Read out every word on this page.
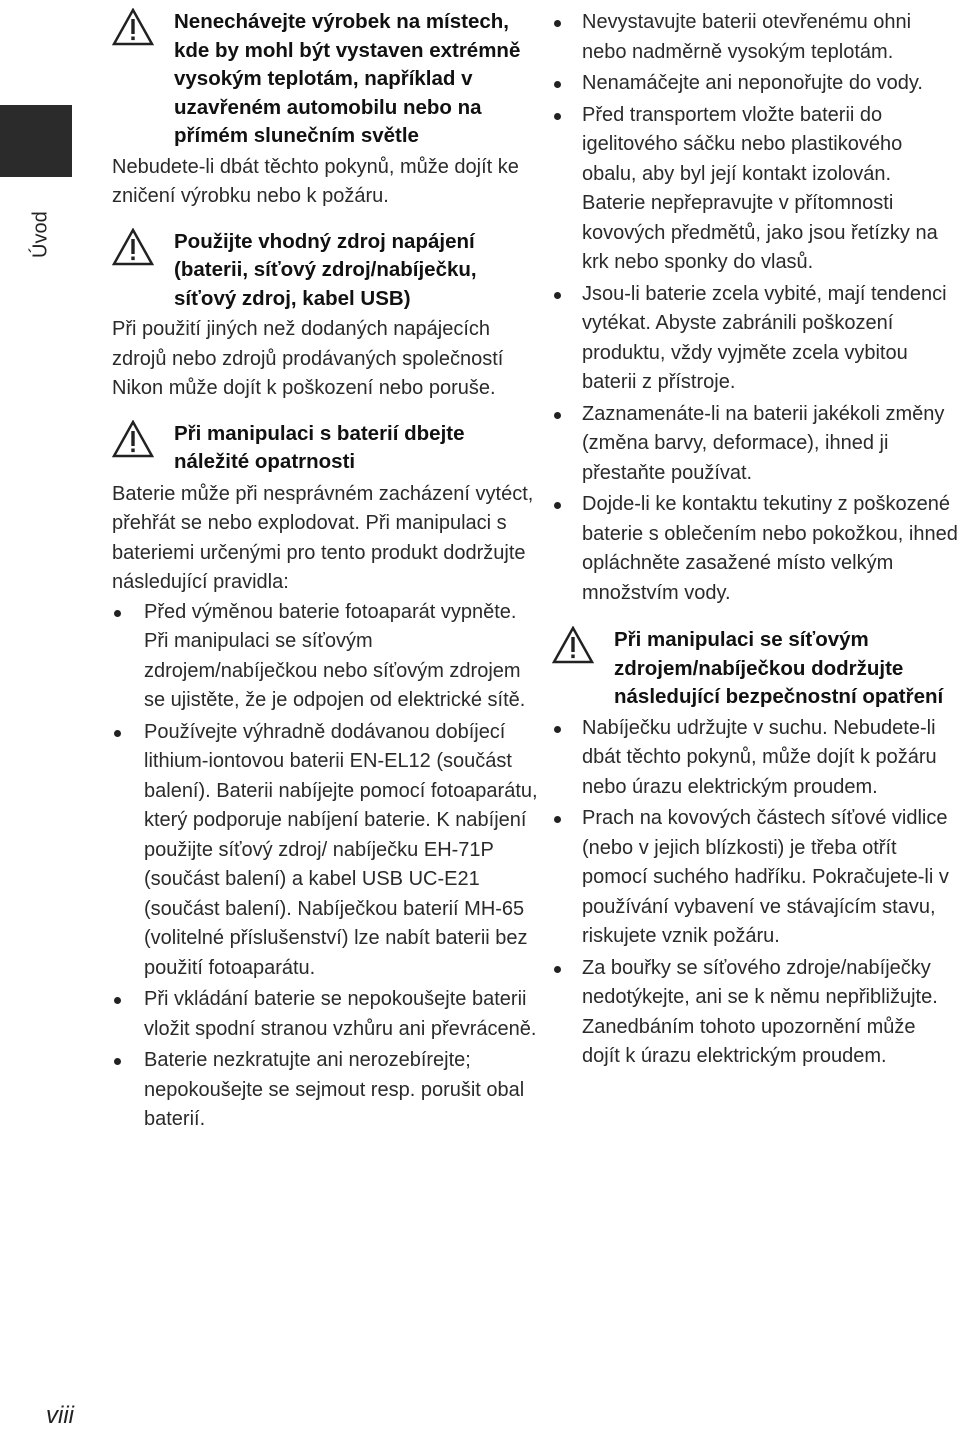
Úvod
Nenechávejte výrobek na místech, kde by mohl být vystaven extrémně vysokým teplotám, například v uzavřeném automobilu nebo na přímém slunečním světle

Nebudete-li dbát těchto pokynů, může dojít ke zničení výrobku nebo k požáru.

Použijte vhodný zdroj napájení (baterii, síťový zdroj/nabíječku, síťový zdroj, kabel USB)

Při použití jiných než dodaných napájecích zdrojů nebo zdrojů prodávaných společností Nikon může dojít k poškození nebo poruše.

Při manipulaci s baterií dbejte náležité opatrnosti

Baterie může při nesprávném zacházení vytéct, přehřát se nebo explodovat. Při manipulaci s bateriemi určenými pro tento produkt dodržujte následující pravidla:

Před výměnou baterie fotoaparát vypněte. Při manipulaci se síťovým zdrojem/nabíječkou nebo síťovým zdrojem se ujistěte, že je odpojen od elektrické sítě.
Používejte výhradně dodávanou dobíjecí lithium-iontovou baterii EN-EL12 (součást balení). Baterii nabíjejte pomocí fotoaparátu, který podporuje nabíjení baterie. K nabíjení použijte síťový zdroj/ nabíječku EH-71P (součást balení) a kabel USB UC-E21 (součást balení). Nabíječkou baterií MH-65 (volitelné příslušenství) lze nabít baterii bez použití fotoaparátu.
Při vkládání baterie se nepokoušejte baterii vložit spodní stranou vzhůru ani převráceně.
Baterie nezkratujte ani nerozebírejte; nepokoušejte se sejmout resp. porušit obal baterií.
Nevystavujte baterii otevřenému ohni nebo nadměrně vysokým teplotám.
Nenamáčejte ani neponořujte do vody.
Před transportem vložte baterii do igelitového sáčku nebo plastikového obalu, aby byl její kontakt izolován. Baterie nepřepravujte v přítomnosti kovových předmětů, jako jsou řetízky na krk nebo sponky do vlasů.
Jsou-li baterie zcela vybité, mají tendenci vytékat. Abyste zabránili poškození produktu, vždy vyjměte zcela vybitou baterii z přístroje.
Zaznamenáte-li na baterii jakékoli změny (změna barvy, deformace), ihned ji přestaňte používat.
Dojde-li ke kontaktu tekutiny z poškozené baterie s oblečením nebo pokožkou, ihned opláchněte zasažené místo velkým množstvím vody.
Při manipulaci se síťovým zdrojem/nabíječkou dodržujte následující bezpečnostní opatření
Nabíječku udržujte v suchu. Nebudete-li dbát těchto pokynů, může dojít k požáru nebo úrazu elektrickým proudem.
Prach na kovových částech síťové vidlice (nebo v jejich blízkosti) je třeba otřít pomocí suchého hadříku. Pokračujete-li v používání vybavení ve stávajícím stavu, riskujete vznik požáru.
Za bouřky se síťového zdroje/nabíječky nedotýkejte, ani se k němu nepřibližujte. Zanedbáním tohoto upozornění může dojít k úrazu elektrickým proudem.
viii
